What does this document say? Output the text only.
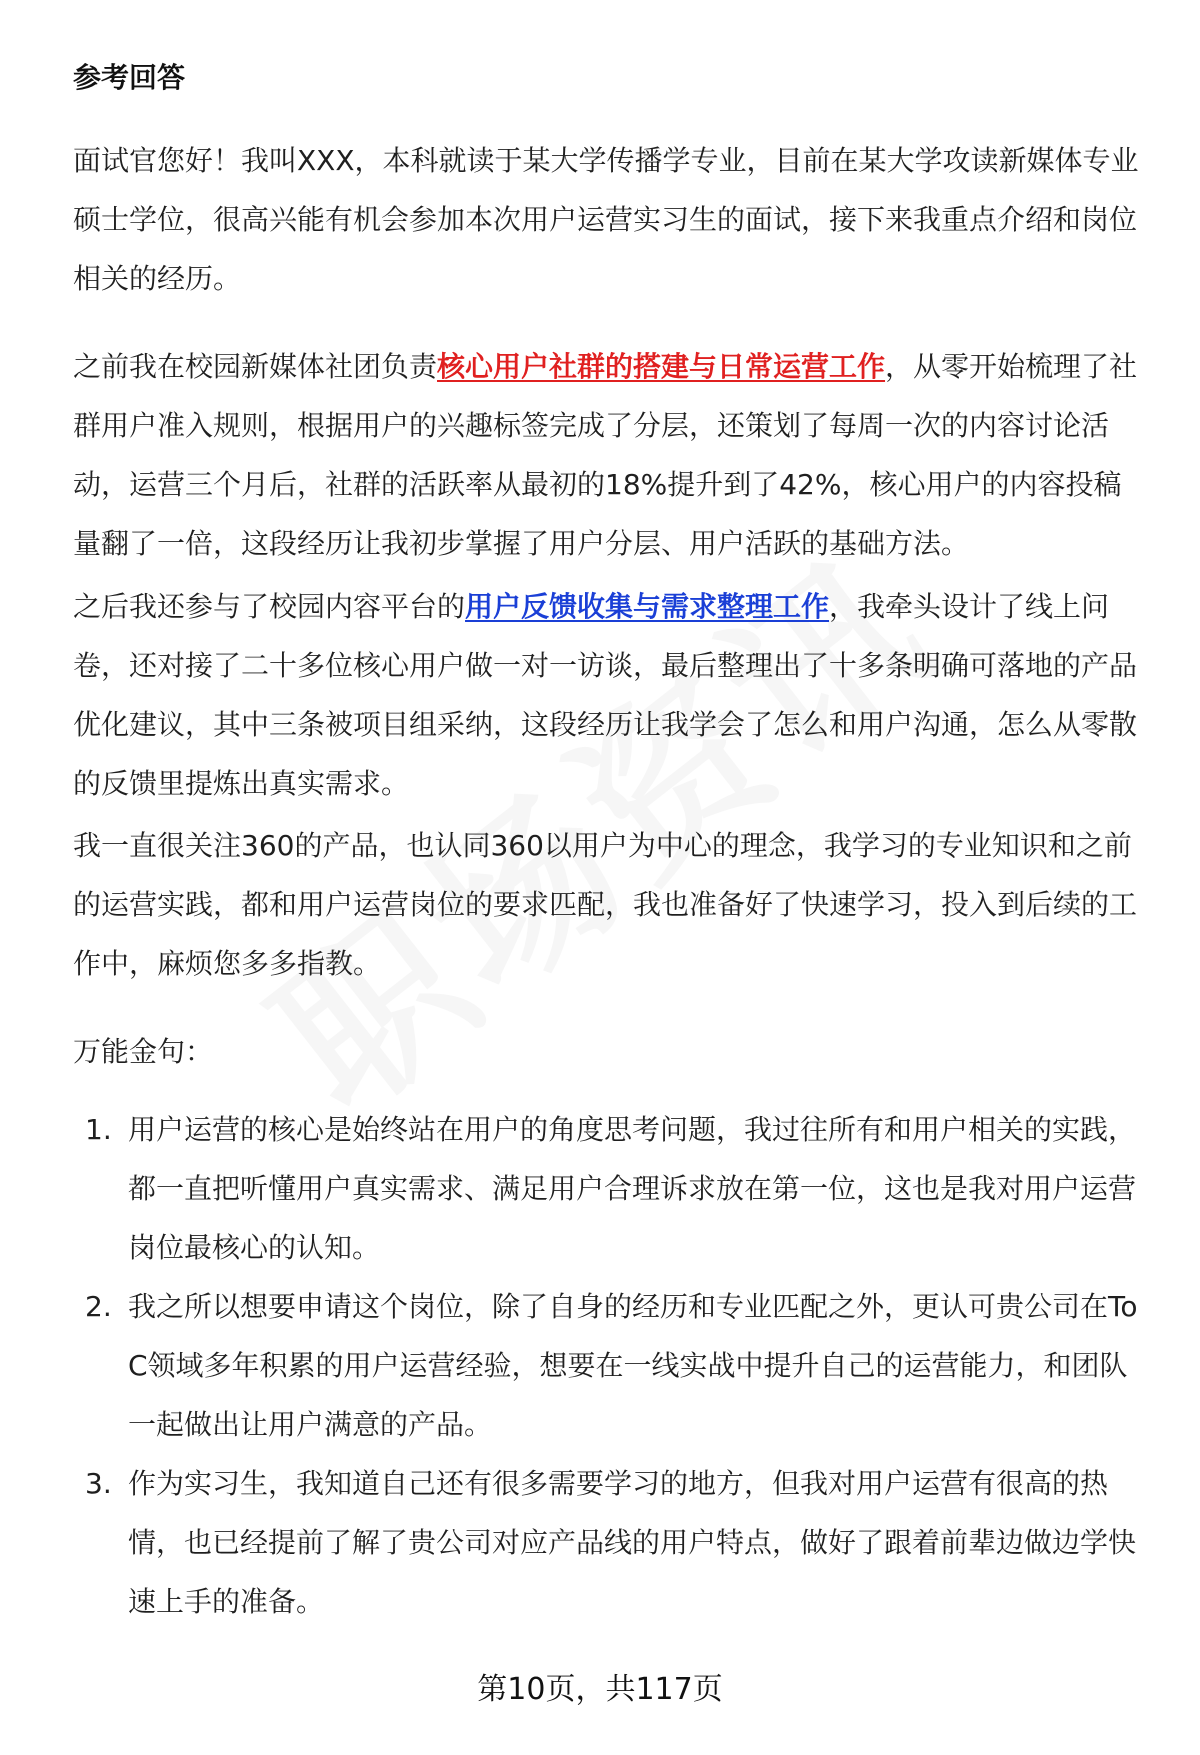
参考回答

面试官您好！我叫XXX，本科就读于某大学传播学专业，目前在某大学攻读新媒体专业硕士学位，很高兴能有机会参加本次用户运营实习生的面试，接下来我重点介绍和岗位相关的经历。

之前我在校园新媒体社团负责核心用户社群的搭建与日常运营工作，从零开始梳理了社群用户准入规则，根据用户的兴趣标签完成了分层，还策划了每周一次的内容讨论活动，运营三个月后，社群的活跃率从最初的18%提升到了42%，核心用户的内容投稿量翻了一倍，这段经历让我初步掌握了用户分层、用户活跃的基础方法。

之后我还参与了校园内容平台的用户反馈收集与需求整理工作，我牵头设计了线上问卷，还对接了二十多位核心用户做一对一访谈，最后整理出了十多条明确可落地的产品优化建议，其中三条被项目组采纳，这段经历让我学会了怎么和用户沟通，怎么从零散的反馈里提炼出真实需求。

我一直很关注360的产品，也认同360以用户为中心的理念，我学习的专业知识和之前的运营实践，都和用户运营岗位的要求匹配，我也准备好了快速学习，投入到后续的工作中，麻烦您多多指教。

万能金句：

1. 用户运营的核心是始终站在用户的角度思考问题，我过往所有和用户相关的实践，都一直把听懂用户真实需求、满足用户合理诉求放在第一位，这也是我对用户运营岗位最核心的认知。
2. 我之所以想要申请这个岗位，除了自身的经历和专业匹配之外，更认可贵公司在To C领域多年积累的用户运营经验，想要在一线实战中提升自己的运营能力，和团队一起做出让用户满意的产品。
3. 作为实习生，我知道自己还有很多需要学习的地方，但我对用户运营有很高的热情，也已经提前了解了贵公司对应产品线的用户特点，做好了跟着前辈边做边学快速上手的准备。
第10页，共117页
